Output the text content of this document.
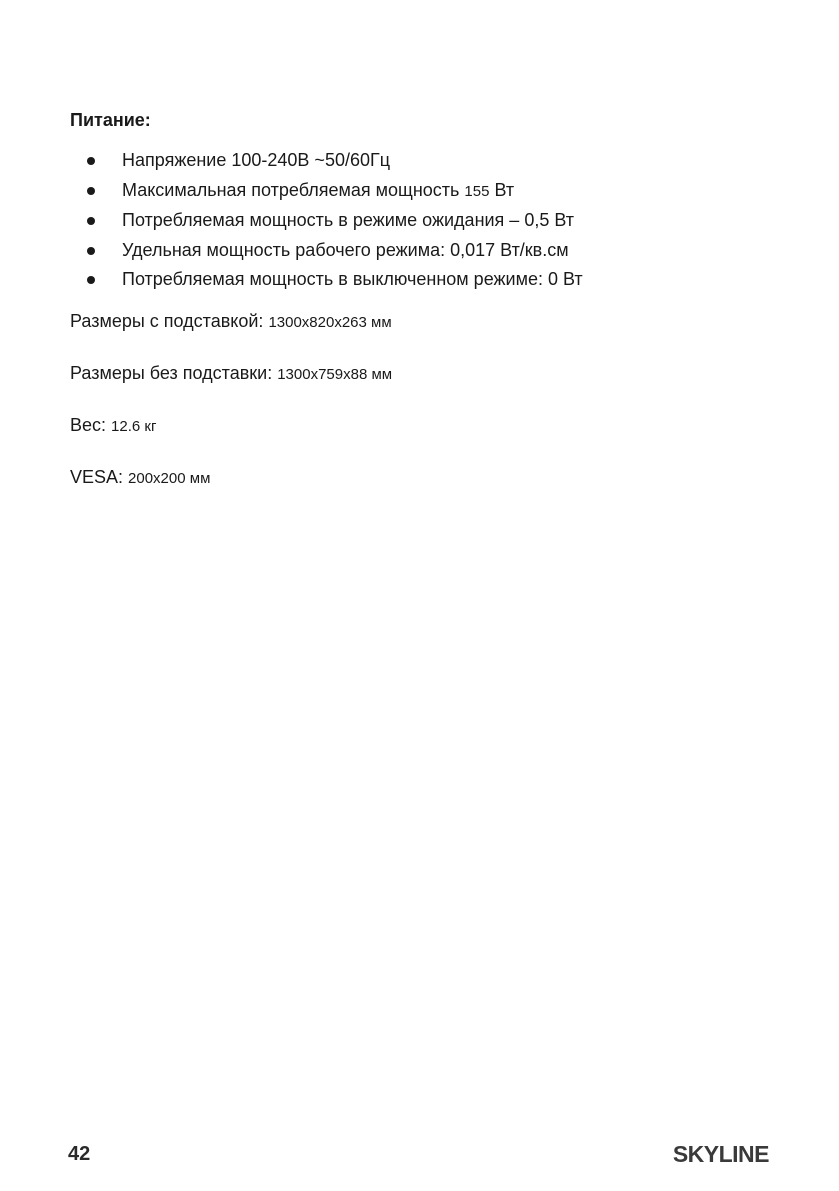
Питание:
Напряжение 100-240В ~50/60Гц
Максимальная потребляемая мощность 155 Вт
Потребляемая мощность в режиме ожидания – 0,5 Вт
Удельная мощность рабочего режима: 0,017 Вт/кв.см
Потребляемая мощность в выключенном режиме: 0 Вт
Размеры с подставкой: 1300x820x263 мм
Размеры без подставки: 1300x759x88 мм
Вес: 12.6 кг
VESA: 200x200 мм
42	SKYLINE
